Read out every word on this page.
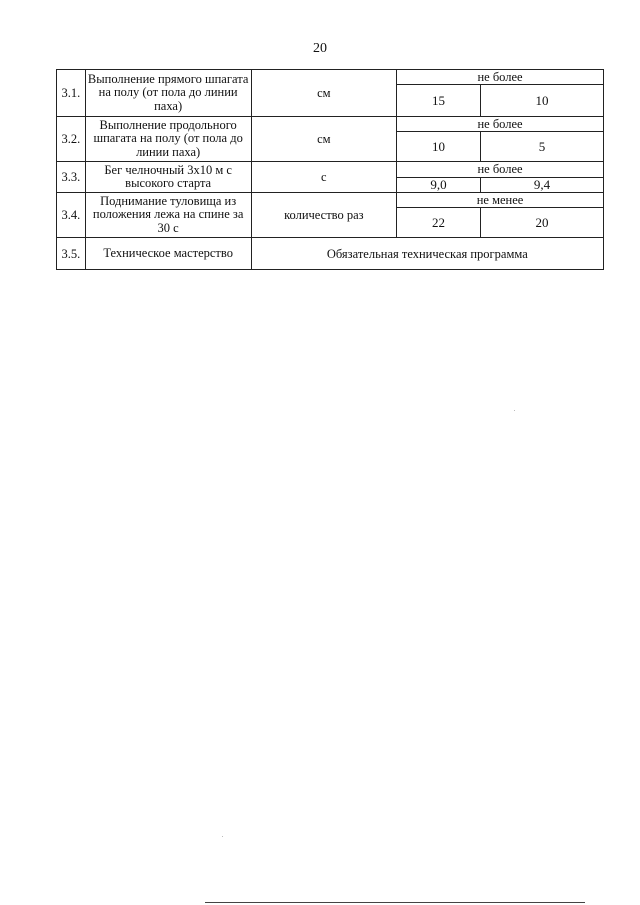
20
3.1.	Выполнение прямого шпагата на полу (от пола до линии паха)	см	не более	
			15	10
3.2.	Выполнение продольного шпагата на полу (от пола до линии паха)	см	не более	
			10	5
3.3.	Бег челночный 3х10 м с высокого старта	с	не более	
			9,0	9,4
3.4.	Поднимание туловища из положения лежа на спине за 30 с	количество раз	не менее	
			22	20
3.5.	Техническое мастерство	Обязательная техническая программа		
